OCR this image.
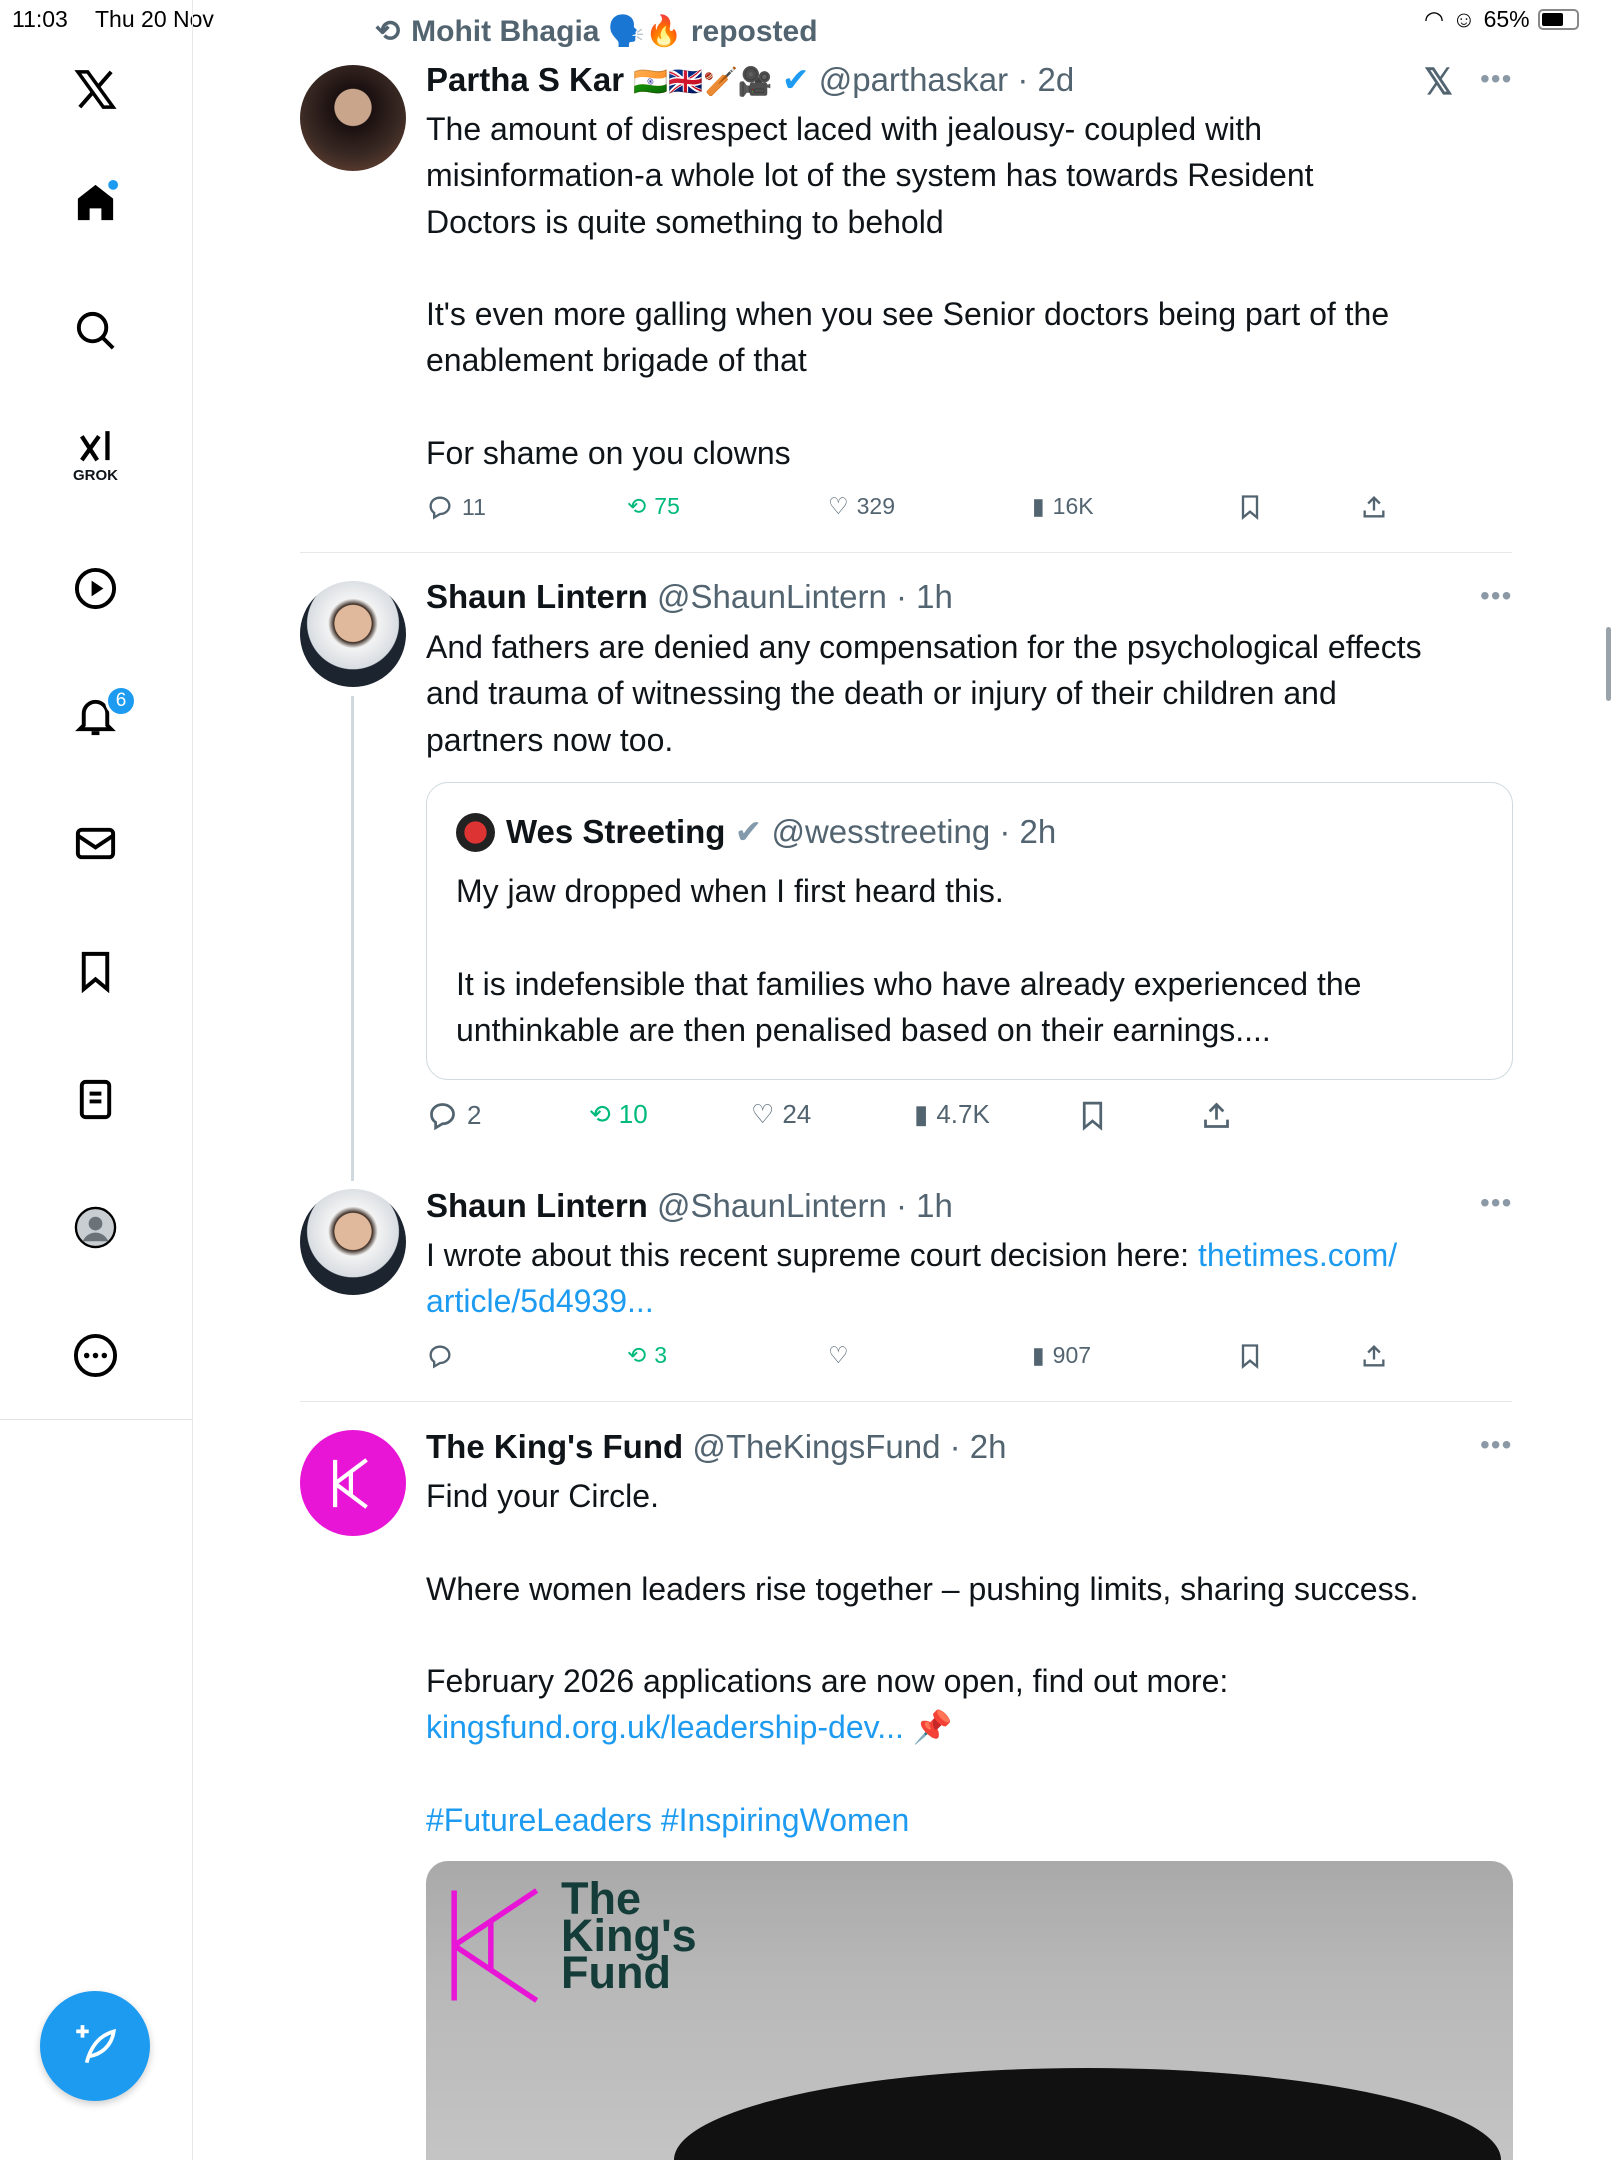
11:03 Thu 20 Nov	◠ ☺ 65%
GROK
6
⟲ Mohit Bhagia 🗣️🔥 reposted
Partha S Kar 🇮🇳🇬🇧🏏🎥 ✔ @parthaskar · 2d	𝕏 •••
The amount of disrespect laced with jealousy- coupled with
misinformation-a whole lot of the system has towards Resident
Doctors is quite something to behold

It's even more galling when you see Senior doctors being part of the
enablement brigade of that

For shame on you clowns
11	⟲ 75	♡ 329	▮ 16K
Shaun Lintern @ShaunLintern · 1h	•••
And fathers are denied any compensation for the psychological effects
and trauma of witnessing the death or injury of their children and
partners now too.
Wes Streeting ✔ @wesstreeting · 2h
My jaw dropped when I first heard this.

It is indefensible that families who have already experienced the
unthinkable are then penalised based on their earnings....
2	⟲ 10	♡ 24	▮ 4.7K
Shaun Lintern @ShaunLintern · 1h	•••
I wrote about this recent supreme court decision here: thetimes.com/
article/5d4939...
⟲ 3	♡	▮ 907
The King's Fund @TheKingsFund · 2h	•••
Find your Circle.

Where women leaders rise together – pushing limits, sharing success.

February 2026 applications are now open, find out more:
kingsfund.org.uk/leadership-dev... 📌

#FutureLeaders #InspiringWomen
The King's Fund
